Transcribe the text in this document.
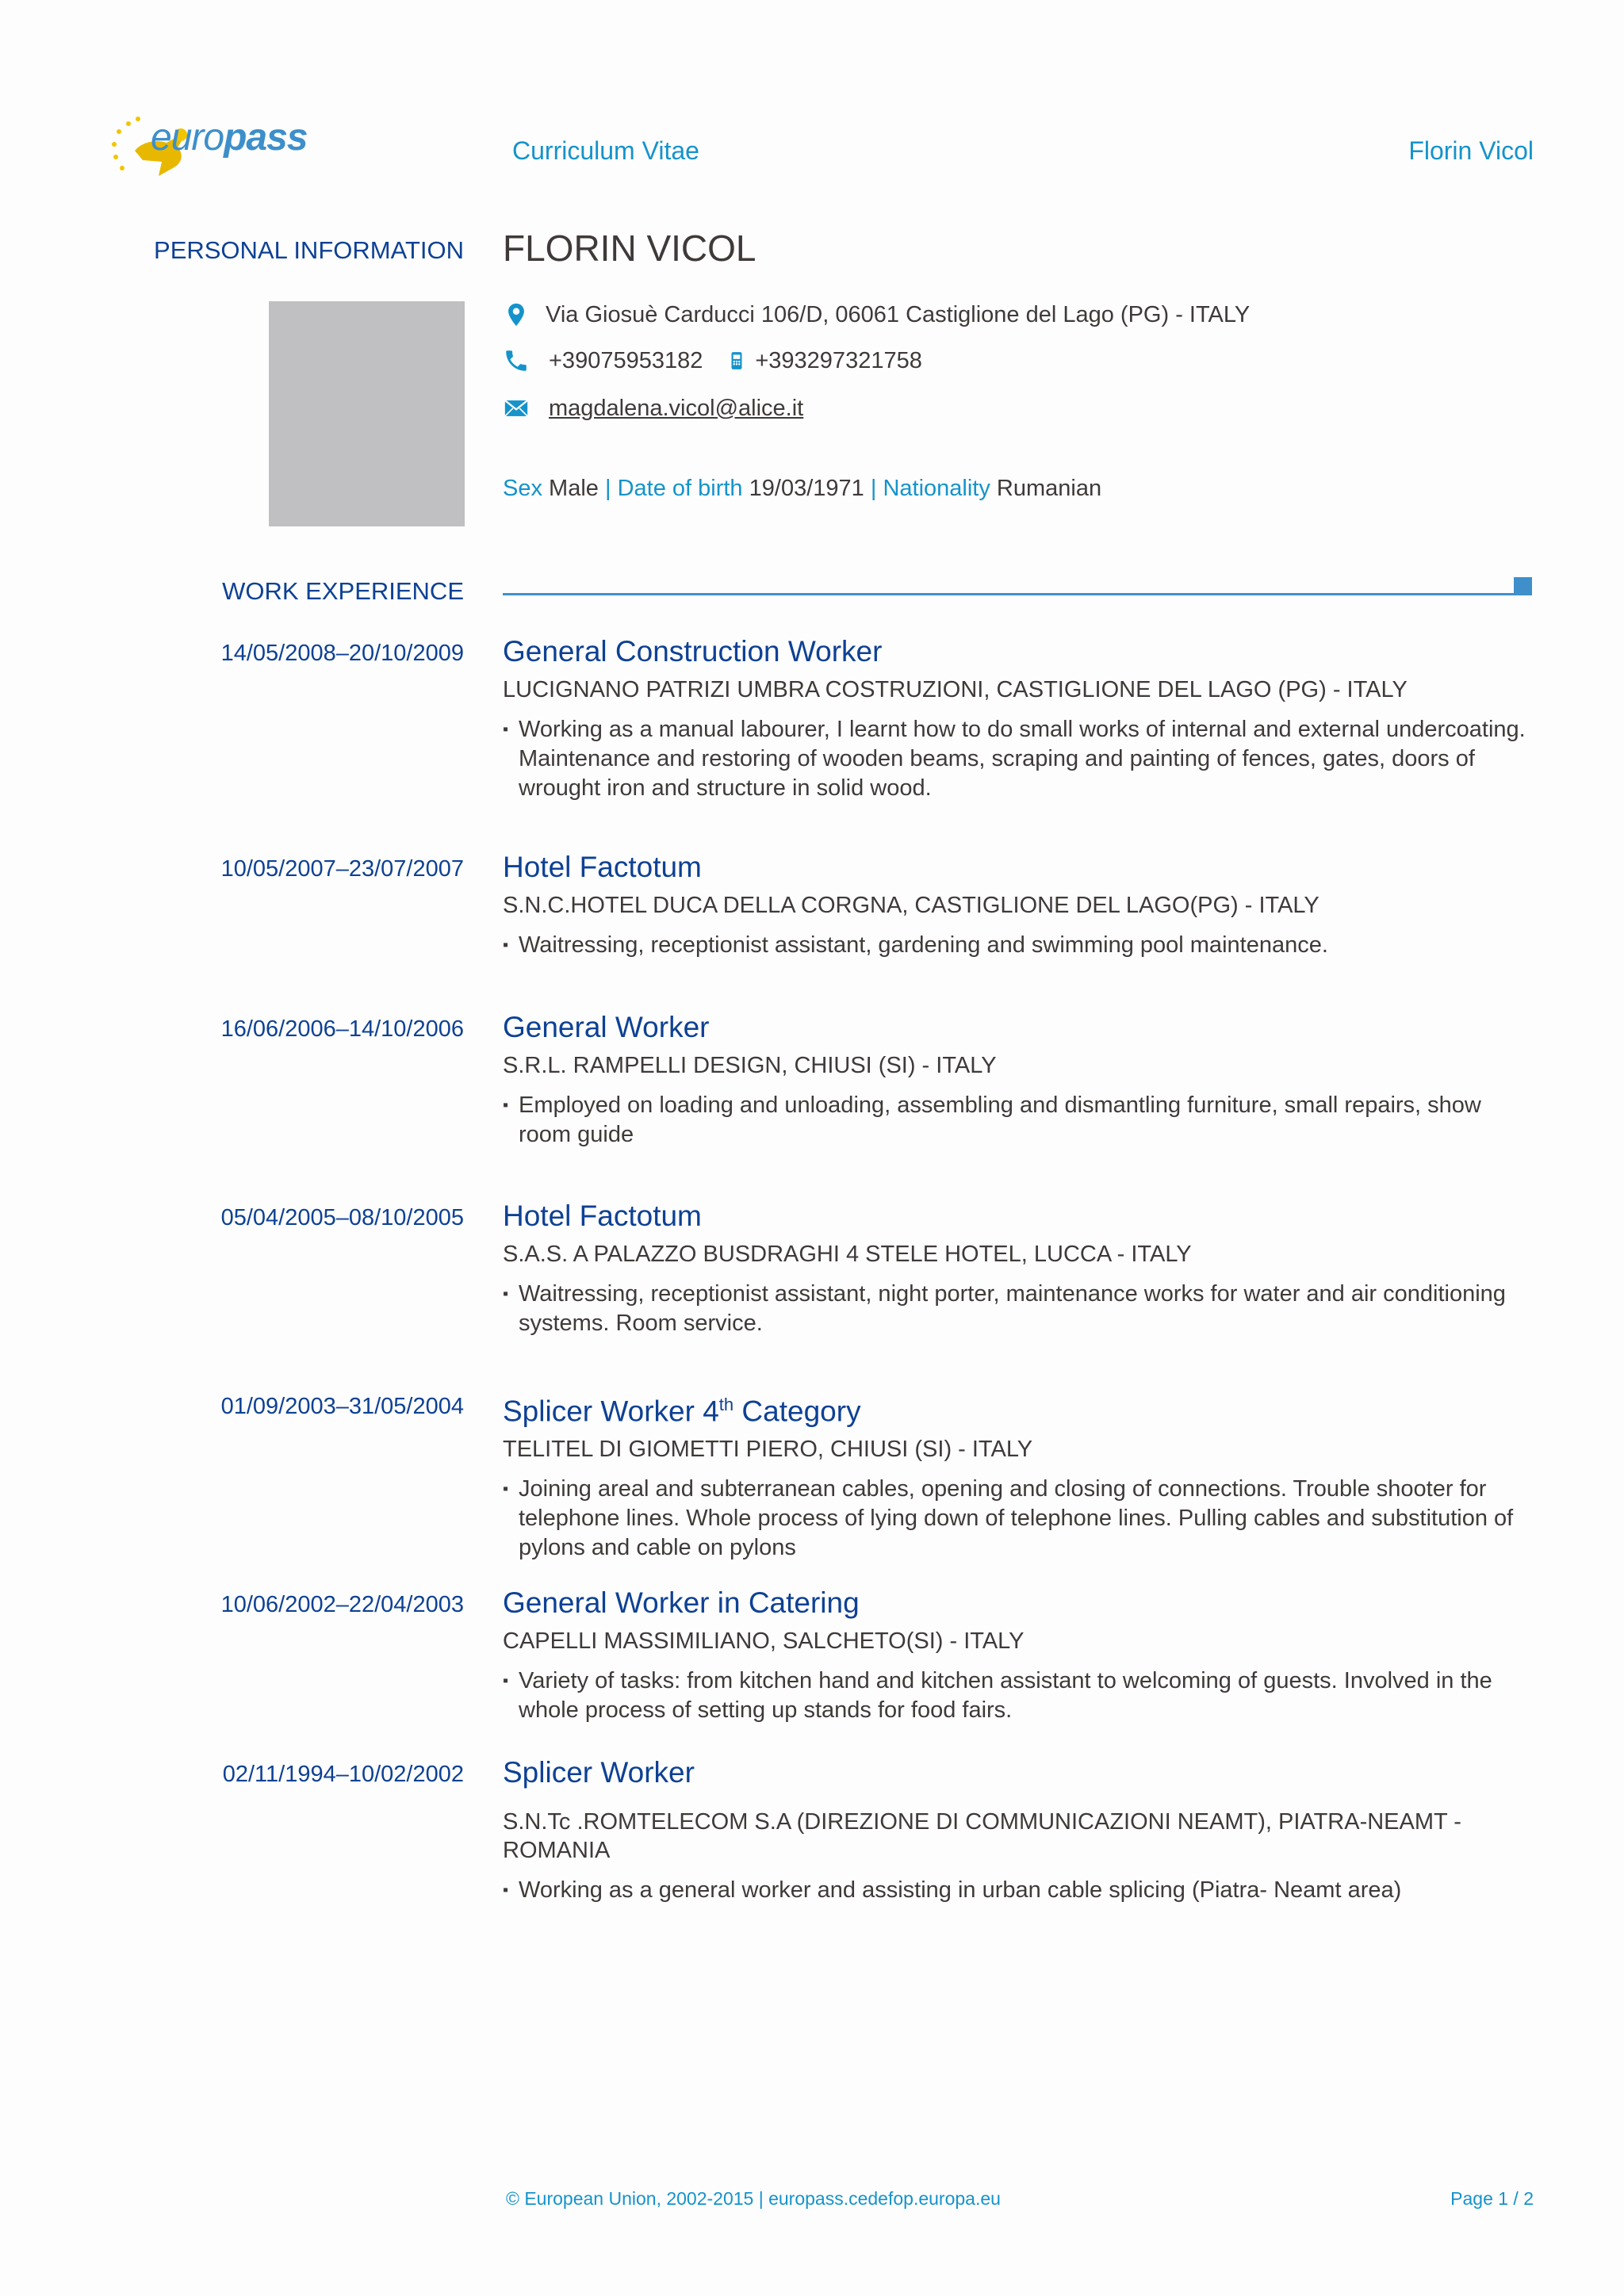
europass	Curriculum Vitae	Florin Vicol
PERSONAL INFORMATION FLORIN VICOL
Via Giosuè Carducci 106/D, 06061 Castiglione del Lago (PG) - ITALY
+39075953182 +393297321758
magdalena.vicol@alice.it
Sex Male | Date of birth 19/03/1971 | Nationality Rumanian
WORK EXPERIENCE
14/05/2008–20/10/2009 General Construction Worker
LUCIGNANO PATRIZI UMBRA COSTRUZIONI, CASTIGLIONE DEL LAGO (PG) - ITALY
▪ Working as a manual labourer, I learnt how to do small works of internal and external undercoating. Maintenance and restoring of wooden beams, scraping and painting of fences, gates, doors of wrought iron and structure in solid wood.
10/05/2007–23/07/2007 Hotel Factotum
S.N.C.HOTEL DUCA DELLA CORGNA, CASTIGLIONE DEL LAGO(PG) - ITALY
▪ Waitressing, receptionist assistant, gardening and swimming pool maintenance.
16/06/2006–14/10/2006 General Worker
S.R.L. RAMPELLI DESIGN, CHIUSI (SI) - ITALY
▪ Employed on loading and unloading, assembling and dismantling furniture, small repairs, show room guide
05/04/2005–08/10/2005 Hotel Factotum
S.A.S. A PALAZZO BUSDRAGHI 4 STELE HOTEL, LUCCA - ITALY
▪ Waitressing, receptionist assistant, night porter, maintenance works for water and air conditioning systems. Room service.
01/09/2003–31/05/2004 Splicer Worker 4th Category
TELITEL DI GIOMETTI PIERO, CHIUSI (SI) - ITALY
▪ Joining areal and subterranean cables, opening and closing of connections. Trouble shooter for telephone lines. Whole process of lying down of telephone lines. Pulling cables and substitution of pylons and cable on pylons
10/06/2002–22/04/2003 General Worker in Catering
CAPELLI MASSIMILIANO, SALCHETO(SI) - ITALY
▪ Variety of tasks: from kitchen hand and kitchen assistant to welcoming of guests. Involved in the whole process of setting up stands for food fairs.
02/11/1994–10/02/2002 Splicer Worker
S.N.Tc .ROMTELECOM S.A (DIREZIONE DI COMMUNICAZIONI NEAMT), PIATRA-NEAMT - ROMANIA
▪ Working as a general worker and assisting in urban cable splicing (Piatra- Neamt area)
© European Union, 2002-2015 | europass.cedefop.europa.eu	Page 1 / 2
